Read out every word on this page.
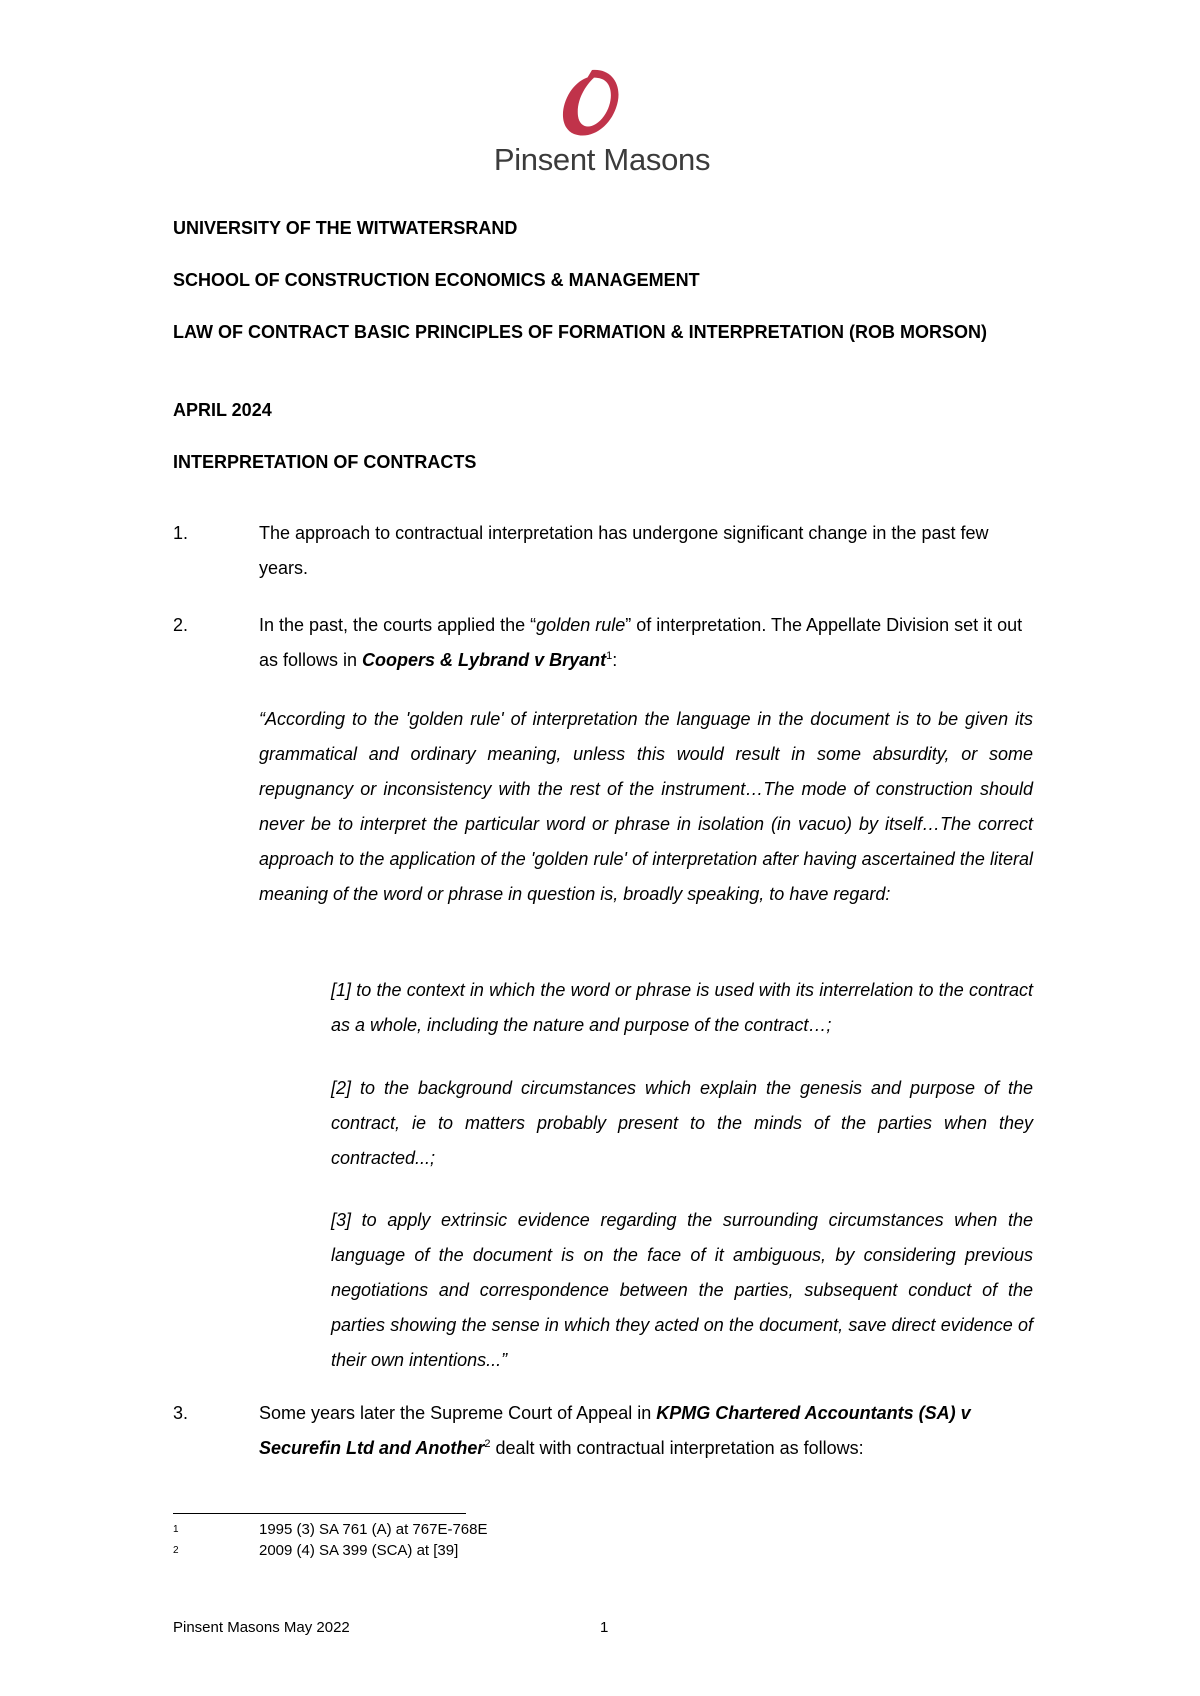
Pinsent Masons
UNIVERSITY OF THE WITWATERSRAND
SCHOOL OF CONSTRUCTION ECONOMICS & MANAGEMENT
LAW OF CONTRACT BASIC PRINCIPLES OF FORMATION & INTERPRETATION (ROB MORSON)
APRIL 2024
INTERPRETATION OF CONTRACTS
1.	The approach to contractual interpretation has undergone significant change in the past few years.
2.	In the past, the courts applied the “golden rule” of interpretation. The Appellate Division set it out as follows in Coopers & Lybrand v Bryant$^1$:
“According to the 'golden rule' of interpretation the language in the document is to be given its grammatical and ordinary meaning, unless this would result in some absurdity, or some repugnancy or inconsistency with the rest of the instrument…The mode of construction should never be to interpret the particular word or phrase in isolation (in vacuo) by itself…The correct approach to the application of the 'golden rule' of interpretation after having ascertained the literal meaning of the word or phrase in question is, broadly speaking, to have regard:
[1] to the context in which the word or phrase is used with its interrelation to the contract as a whole, including the nature and purpose of the contract…;
[2] to the background circumstances which explain the genesis and purpose of the contract, ie to matters probably present to the minds of the parties when they contracted...;
[3] to apply extrinsic evidence regarding the surrounding circumstances when the language of the document is on the face of it ambiguous, by considering previous negotiations and correspondence between the parties, subsequent conduct of the parties showing the sense in which they acted on the document, save direct evidence of their own intentions...”
3.	Some years later the Supreme Court of Appeal in KPMG Chartered Accountants (SA) v Securefin Ltd and Another$^2$ dealt with contractual interpretation as follows:
1	1995 (3) SA 761 (A) at 767E-768E
2	2009 (4) SA 399 (SCA) at [39]
Pinsent Masons May 2022	1
